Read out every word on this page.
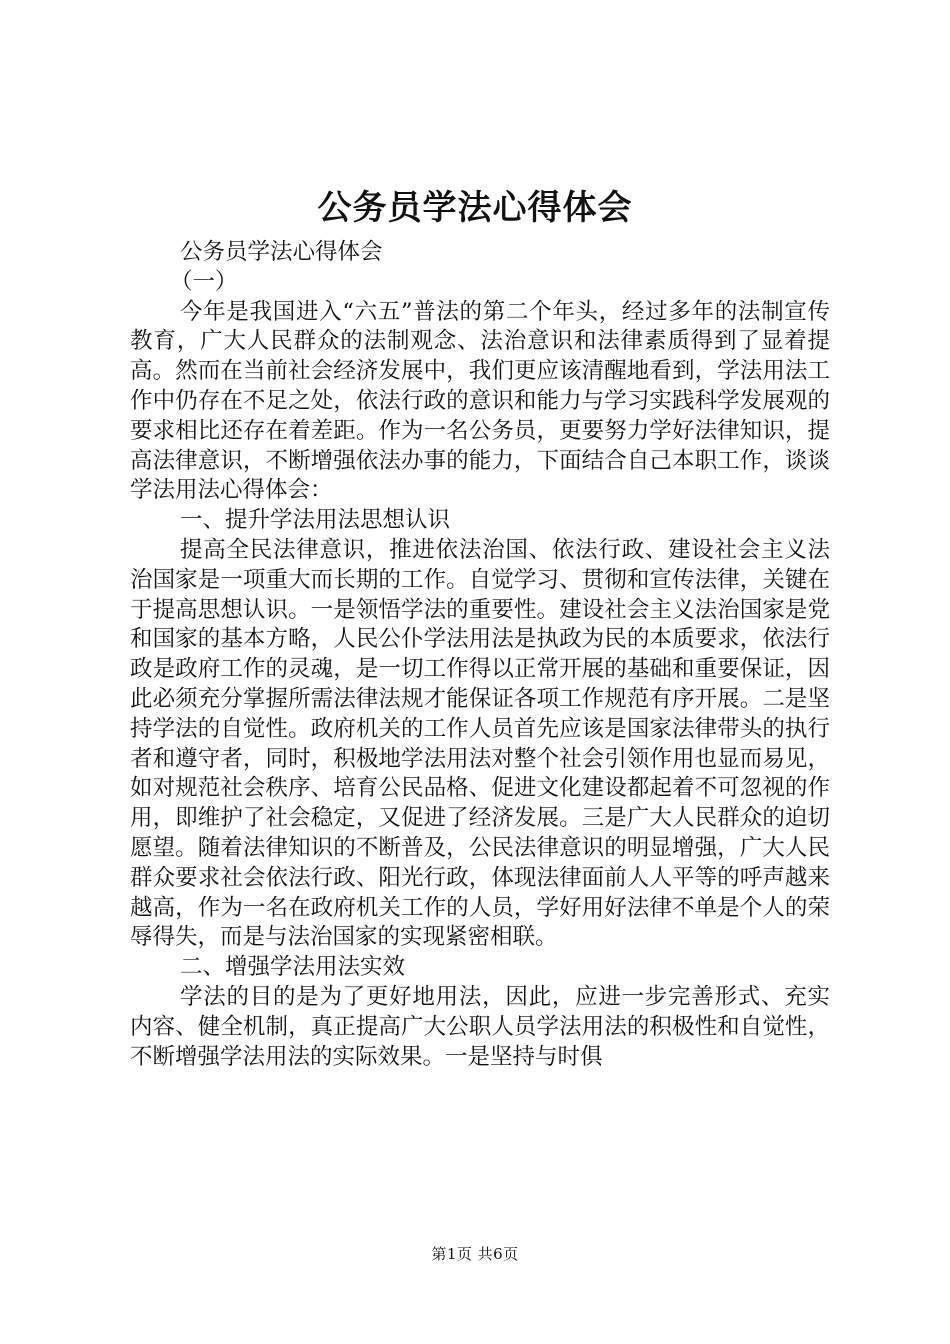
公务员学法心得体会

公务员学法心得体会

（一）

今年是我国进入“六五”普法的第二个年头，经过多年的法制宣传教育，广大人民群众的法制观念、法治意识和法律素质得到了显着提高。然而在当前社会经济发展中，我们更应该清醒地看到，学法用法工作中仍存在不足之处，依法行政的意识和能力与学习实践科学发展观的要求相比还存在着差距。作为一名公务员，更要努力学好法律知识，提高法律意识，不断增强依法办事的能力，下面结合自己本职工作，谈谈学法用法心得体会：

一、提升学法用法思想认识

提高全民法律意识，推进依法治国、依法行政、建设社会主义法治国家是一项重大而长期的工作。自觉学习、贯彻和宣传法律，关键在于提高思想认识。一是领悟学法的重要性。建设社会主义法治国家是党和国家的基本方略，人民公仆学法用法是执政为民的本质要求，依法行政是政府工作的灵魂，是一切工作得以正常开展的基础和重要保证，因此必须充分掌握所需法律法规才能保证各项工作规范有序开展。二是坚持学法的自觉性。政府机关的工作人员首先应该是国家法律带头的执行者和遵守者，同时，积极地学法用法对整个社会引领作用也显而易见，如对规范社会秩序、培育公民品格、促进文化建设都起着不可忽视的作用，即维护了社会稳定，又促进了经济发展。三是广大人民群众的迫切愿望。随着法律知识的不断普及，公民法律意识的明显增强，广大人民群众要求社会依法行政、阳光行政，体现法律面前人人平等的呼声越来越高，作为一名在政府机关工作的人员，学好用好法律不单是个人的荣辱得失，而是与法治国家的实现紧密相联。

二、增强学法用法实效

学法的目的是为了更好地用法，因此，应进一步完善形式、充实内容、健全机制，真正提高广大公职人员学法用法的积极性和自觉性，不断增强学法用法的实际效果。一是坚持与时俱

第1页 共6页
